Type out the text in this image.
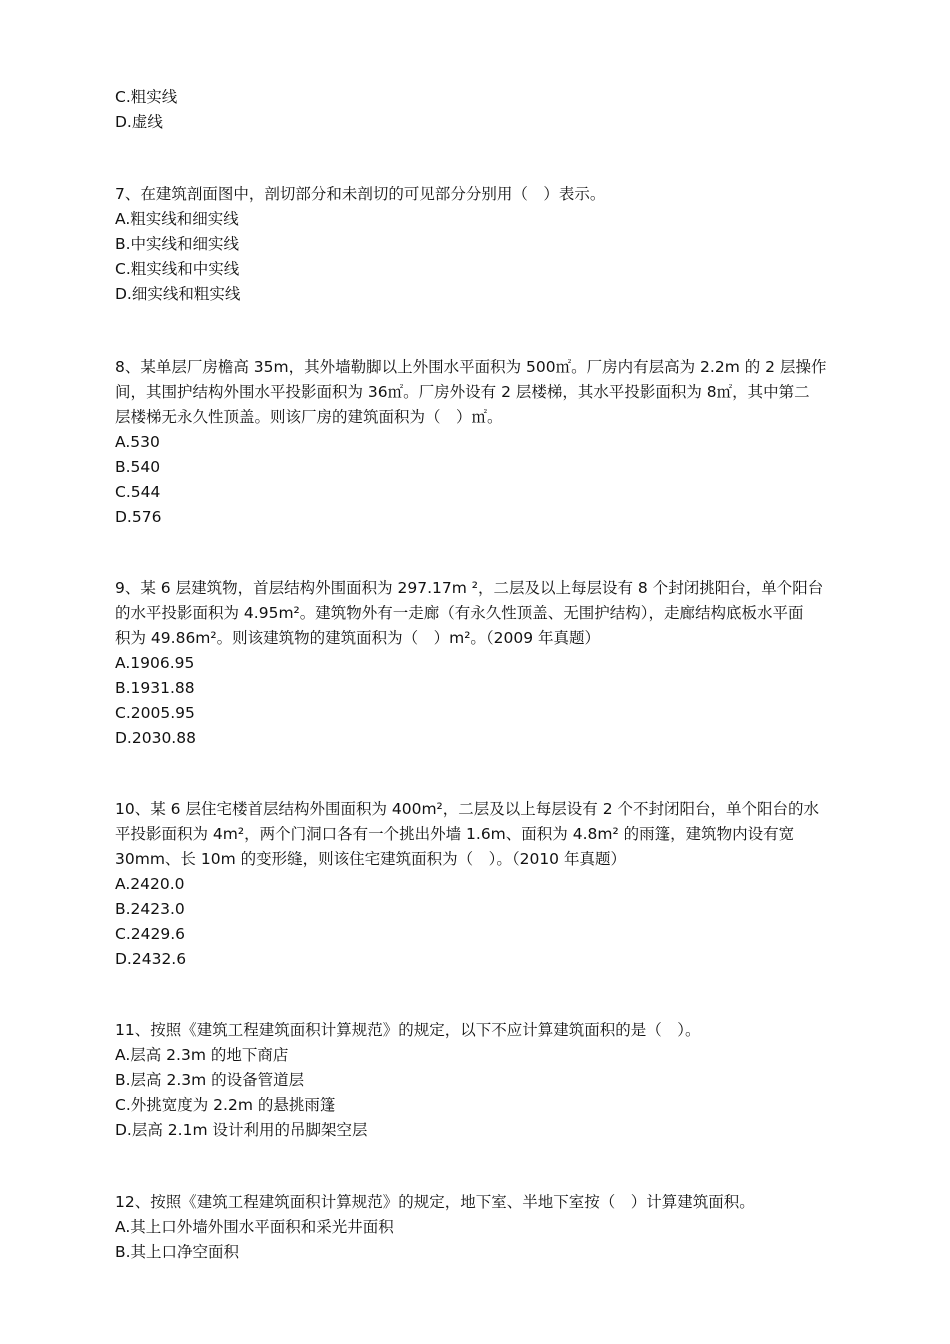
C.粗实线
D.虚线
7、在建筑剖面图中，剖切部分和未剖切的可见部分分别用（　）表示。
A.粗实线和细实线
B.中实线和细实线
C.粗实线和中实线
D.细实线和粗实线
8、某单层厂房檐高 35m，其外墙勒脚以上外围水平面积为 500㎡。厂房内有层高为 2.2m 的 2 层操作
间，其围护结构外围水平投影面积为 36㎡。厂房外设有 2 层楼梯，其水平投影面积为 8㎡，其中第二
层楼梯无永久性顶盖。则该厂房的建筑面积为（　）㎡。
A.530
B.540
C.544
D.576
9、某 6 层建筑物，首层结构外围面积为 297.17m ²，二层及以上每层设有 8 个封闭挑阳台，单个阳台
的水平投影面积为 4.95m²。建筑物外有一走廊（有永久性顶盖、无围护结构），走廊结构底板水平面
积为 49.86m²。则该建筑物的建筑面积为（　）m²。（2009 年真题）
A.1906.95
B.1931.88
C.2005.95
D.2030.88
10、某 6 层住宅楼首层结构外围面积为 400m²，二层及以上每层设有 2 个不封闭阳台，单个阳台的水
平投影面积为 4m²，两个门洞口各有一个挑出外墙 1.6m、面积为 4.8m² 的雨篷，建筑物内设有宽
30mm、长 10m 的变形缝，则该住宅建筑面积为（　）。（2010 年真题）
A.2420.0
B.2423.0
C.2429.6
D.2432.6
11、按照《建筑工程建筑面积计算规范》的规定，以下不应计算建筑面积的是（　）。
A.层高 2.3m 的地下商店
B.层高 2.3m 的设备管道层
C.外挑宽度为 2.2m 的悬挑雨篷
D.层高 2.1m 设计利用的吊脚架空层
12、按照《建筑工程建筑面积计算规范》的规定，地下室、半地下室按（　）计算建筑面积。
A.其上口外墙外围水平面积和采光井面积
B.其上口净空面积
